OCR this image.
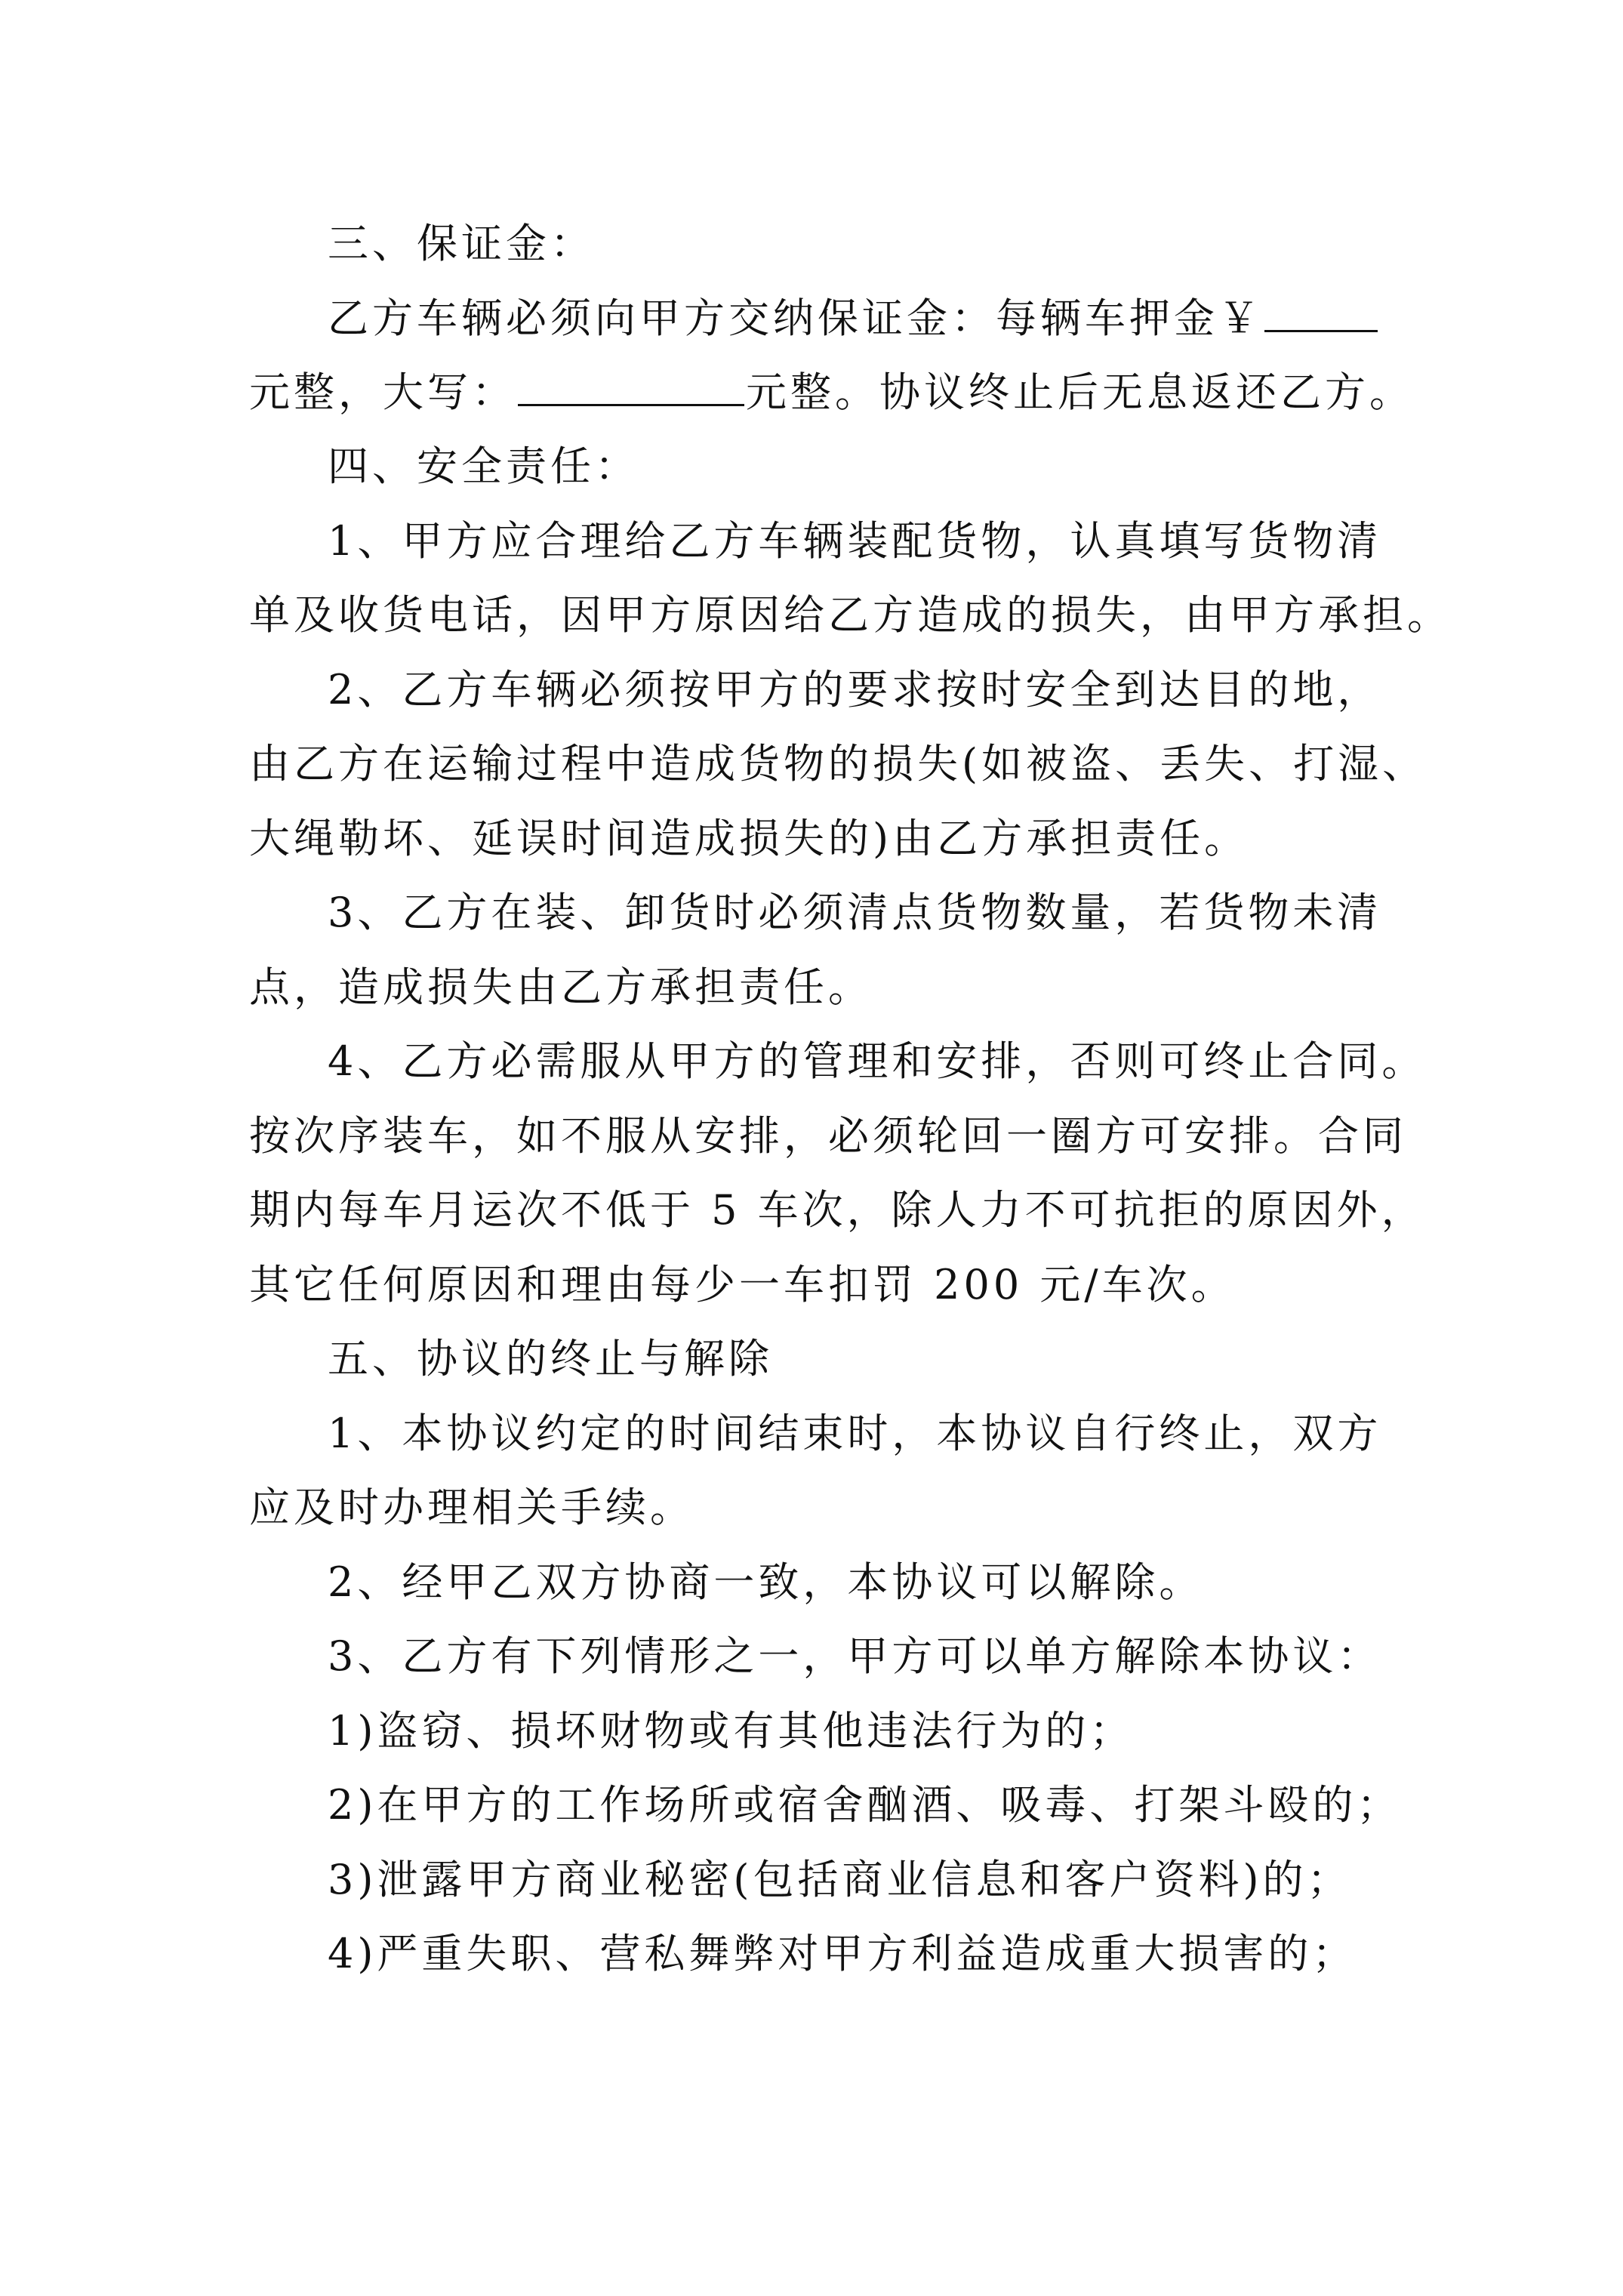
三、保证金：
乙方车辆必须向甲方交纳保证金：每辆车押金￥
元整，大写：	元整。协议终止后无息返还乙方。
四、安全责任：
1、甲方应合理给乙方车辆装配货物，认真填写货物清
单及收货电话，因甲方原因给乙方造成的损失，由甲方承担。
2、乙方车辆必须按甲方的要求按时安全到达目的地，
由乙方在运输过程中造成货物的损失(如被盗、丢失、打湿、
大绳勒坏、延误时间造成损失的)由乙方承担责任。
3、乙方在装、卸货时必须清点货物数量，若货物未清
点，造成损失由乙方承担责任。
4、乙方必需服从甲方的管理和安排，否则可终止合同。
按次序装车，如不服从安排，必须轮回一圈方可安排。合同
期内每车月运次不低于 5 车次，除人力不可抗拒的原因外，
其它任何原因和理由每少一车扣罚 200 元/车次。
五、协议的终止与解除
1、本协议约定的时间结束时，本协议自行终止，双方
应及时办理相关手续。
2、经甲乙双方协商一致，本协议可以解除。
3、乙方有下列情形之一，甲方可以单方解除本协议：
1)盗窃、损坏财物或有其他违法行为的；
2)在甲方的工作场所或宿舍酗酒、吸毒、打架斗殴的；
3)泄露甲方商业秘密(包括商业信息和客户资料)的；
4)严重失职、营私舞弊对甲方利益造成重大损害的；
